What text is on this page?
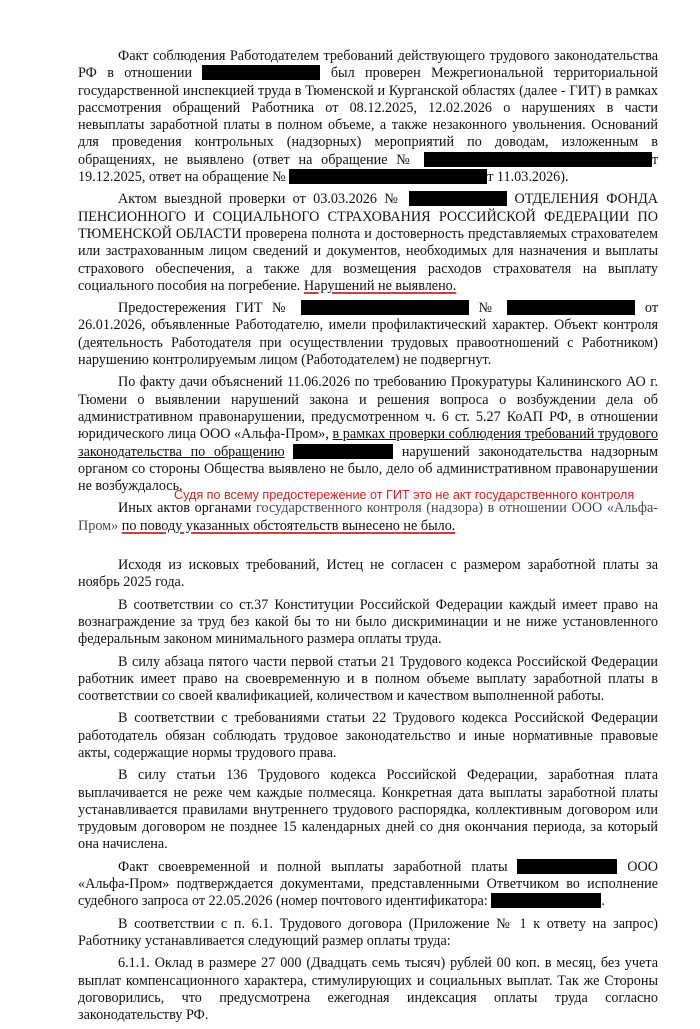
Факт соблюдения Работодателем требований действующего трудового законодательства РФ в отношении	был проверен Межрегиональной территориальной государственной инспекцией труда в Тюменской и Курганской областях (далее - ГИТ) в рамках рассмотрения обращений Работника от 08.12.2025, 12.02.2026 о нарушениях в части невыплаты заработной платы в полном объеме, а также незаконного увольнения. Оснований для проведения контрольных (надзорных) мероприятий по доводам, изложенным в обращениях, не выявлено (ответ на обращение №	т 19.12.2025, ответ на обращение №	т 11.03.2026).

Актом выездной проверки от 03.03.2026 №	ОТДЕЛЕНИЯ ФОНДА ПЕНСИОННОГО И СОЦИАЛЬНОГО СТРАХОВАНИЯ РОССИЙСКОЙ ФЕДЕРАЦИИ ПО ТЮМЕНСКОЙ ОБЛАСТИ проверена полнота и достоверность представляемых страхователем или застрахованным лицом сведений и документов, необходимых для назначения и выплаты страхового обеспечения, а также для возмещения расходов страхователя на выплату социального пособия на погребение. Нарушений не выявлено.

Предостережения ГИТ №	№	от 26.01.2026, объявленные Работодателю, имели профилактический характер. Объект контроля (деятельность Работодателя при осуществлении трудовых правоотношений с Работником) нарушению контролируемым лицом (Работодателем) не подвергнут.

По факту дачи объяснений 11.06.2026 по требованию Прокуратуры Калининского АО г. Тюмени о выявлении нарушений закона и решения вопроса о возбуждении дела об административном правонарушении, предусмотренном ч. 6 ст. 5.27 КоАП РФ, в отношении юридического лица ООО «Альфа-Пром», в рамках проверки соблюдения требований трудового законодательства по обращению	нарушений законодательства надзорным органом со стороны Общества выявлено не было, дело об административном правонарушении не возбуждалось.

Иных актов органами государственного контроля (надзора) в отношении ООО «Альфа-Пром» по поводу указанных обстоятельств вынесено не было.

Исходя из исковых требований, Истец не согласен с размером заработной платы за ноябрь 2025 года.

В соответствии со ст.37 Конституции Российской Федерации каждый имеет право на вознаграждение за труд без какой бы то ни было дискриминации и не ниже установленного федеральным законом минимального размера оплаты труда.

В силу абзаца пятого части первой статьи 21 Трудового кодекса Российской Федерации работник имеет право на своевременную и в полном объеме выплату заработной платы в соответствии со своей квалификацией, количеством и качеством выполненной работы.

В соответствии с требованиями статьи 22 Трудового кодекса Российской Федерации работодатель обязан соблюдать трудовое законодательство и иные нормативные правовые акты, содержащие нормы трудового права.

В силу статьи 136 Трудового кодекса Российской Федерации, заработная плата выплачивается не реже чем каждые полмесяца. Конкретная дата выплаты заработной платы устанавливается правилами внутреннего трудового распорядка, коллективным договором или трудовым договором не позднее 15 календарных дней со дня окончания периода, за который она начислена.

Факт своевременной и полной выплаты заработной платы	ООО «Альфа-Пром» подтверждается документами, представленными Ответчиком во исполнение судебного запроса от 22.05.2026 (номер почтового идентификатора:	.

В соответствии с п. 6.1. Трудового договора (Приложение № 1 к ответу на запрос) Работнику устанавливается следующий размер оплаты труда:

6.1.1. Оклад в размере 27 000 (Двадцать семь тысяч) рублей 00 коп. в месяц, без учета выплат компенсационного характера, стимулирующих и социальных выплат. Так же Стороны договорились, что предусмотрена ежегодная индексация оплаты труда согласно законодательству РФ.

Судя по всему предостережение от ГИТ это не акт государственного контроля
